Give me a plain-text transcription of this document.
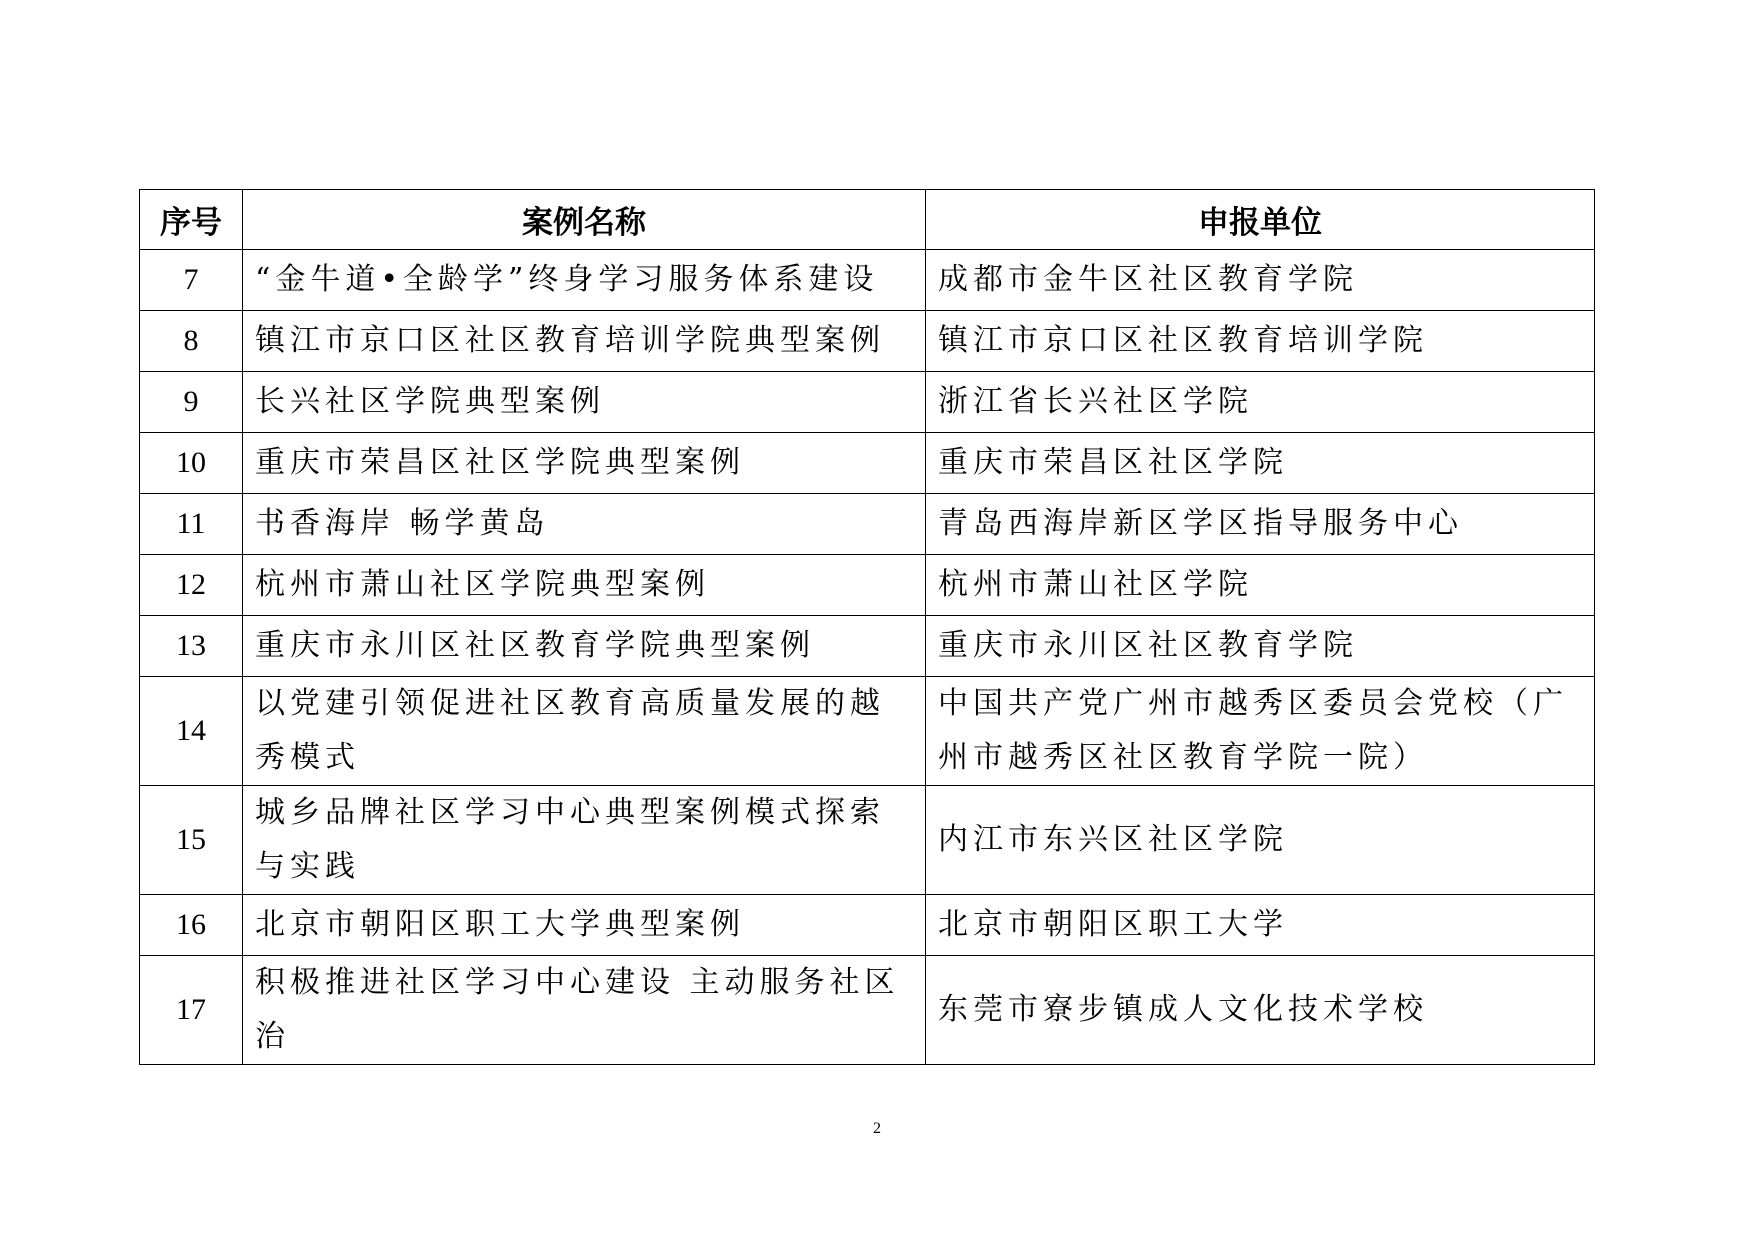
序号	案例名称	申报单位
7	“金牛道•全龄学”终身学习服务体系建设	成都市金牛区社区教育学院
8	镇江市京口区社区教育培训学院典型案例	镇江市京口区社区教育培训学院
9	长兴社区学院典型案例	浙江省长兴社区学院
10	重庆市荣昌区社区学院典型案例	重庆市荣昌区社区学院
11	书香海岸 畅学黄岛	青岛西海岸新区学区指导服务中心
12	杭州市萧山社区学院典型案例	杭州市萧山社区学院
13	重庆市永川区社区教育学院典型案例	重庆市永川区社区教育学院
14	以党建引领促进社区教育高质量发展的越秀模式	中国共产党广州市越秀区委员会党校（广州市越秀区社区教育学院一院）
15	城乡品牌社区学习中心典型案例模式探索与实践	内江市东兴区社区学院
16	北京市朝阳区职工大学典型案例	北京市朝阳区职工大学
17	积极推进社区学习中心建设 主动服务社区治	东莞市寮步镇成人文化技术学校
2
